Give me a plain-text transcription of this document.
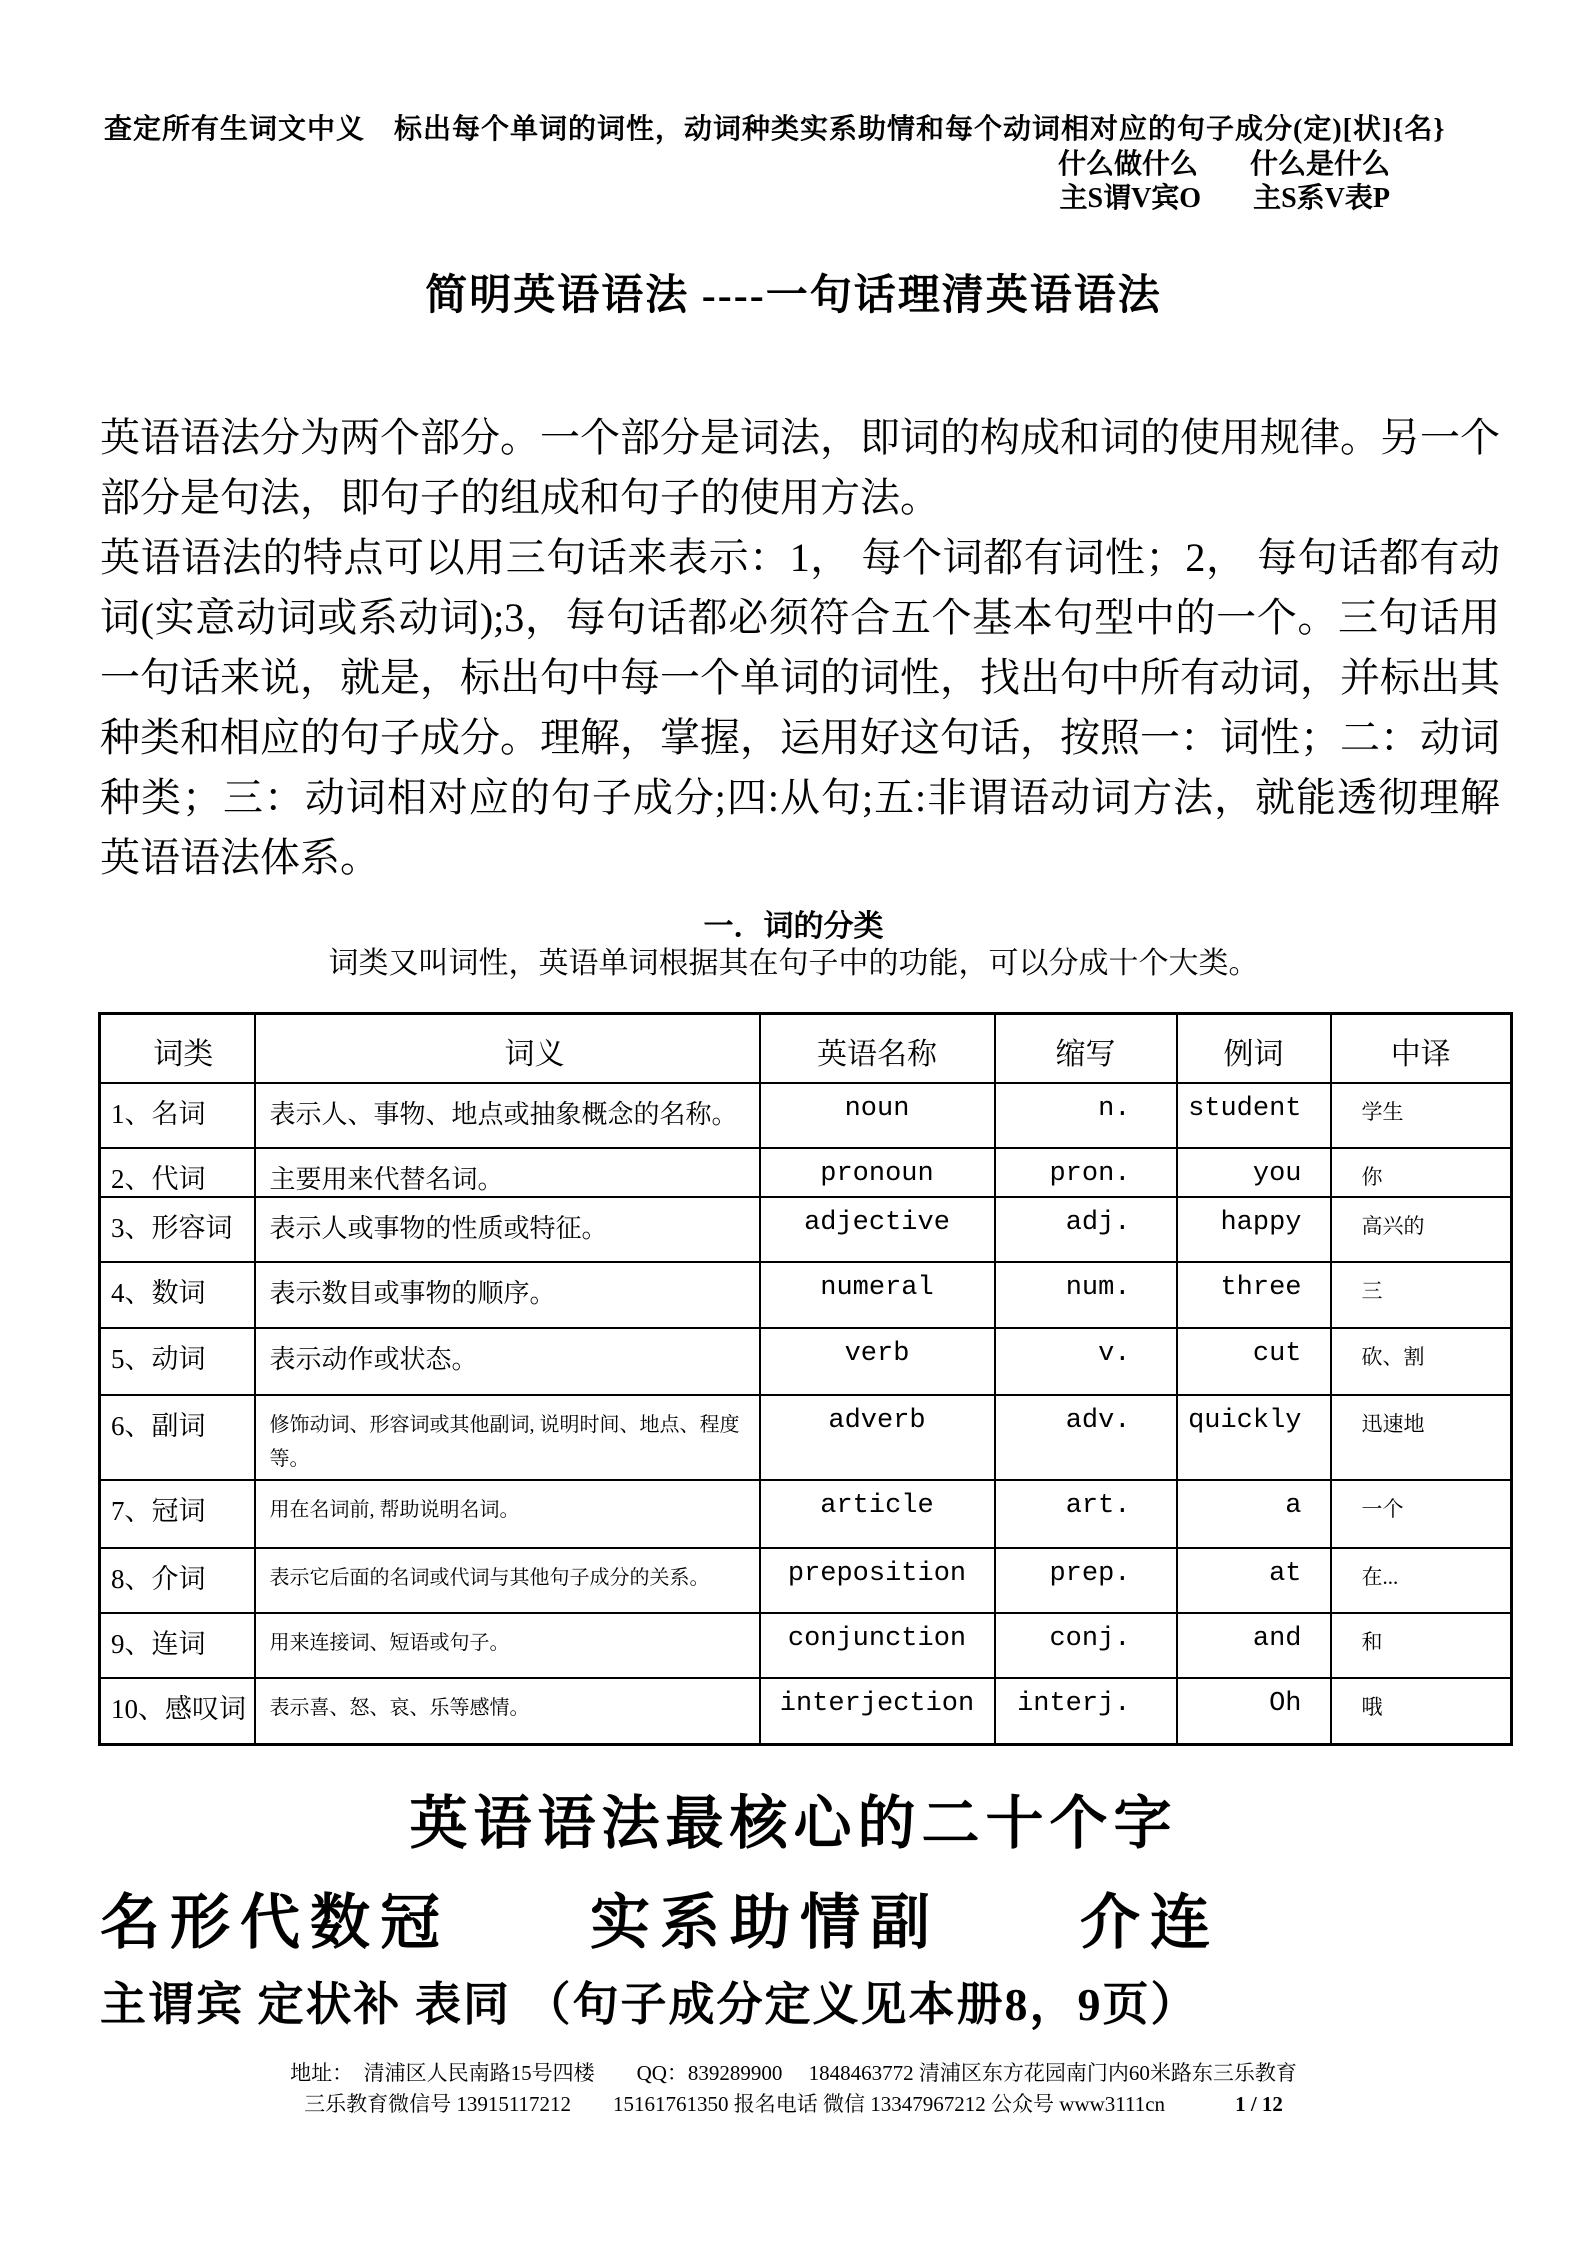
查定所有生词文中义　标出每个单词的词性，动词种类实系助情和每个动词相对应的句子成分(定)[状]{名}
什么做什么 什么是什么
主S谓V宾O 主S系V表P
简明英语语法 ----一句话理清英语语法

英语语法分为两个部分。一个部分是词法，即词的构成和词的使用规律。另一个部分是句法，即句子的组成和句子的使用方法。

英语语法的特点可以用三句话来表示：1， 每个词都有词性；2， 每句话都有动词(实意动词或系动词);3，每句话都必须符合五个基本句型中的一个。三句话用一句话来说，就是，标出句中每一个单词的词性，找出句中所有动词，并标出其种类和相应的句子成分。理解，掌握，运用好这句话，按照一：词性；二：动词种类；三：动词相对应的句子成分;四:从句;五:非谓语动词方法，就能透彻理解英语语法体系。

一．词的分类
词类又叫词性，英语单词根据其在句子中的功能，可以分成十个大类。
词类	词义	英语名称	缩写	例词	中译
1、名词	表示人、事物、地点或抽象概念的名称。	noun	n.	student	学生
2、代词	主要用来代替名词。	pronoun	pron.	you	你
3、形容词	表示人或事物的性质或特征。	adjective	adj.	happy	高兴的
4、数词	表示数目或事物的顺序。	numeral	num.	three	三
5、动词	表示动作或状态。	verb	v.	cut	砍、割
6、副词	修饰动词、形容词或其他副词, 说明时间、地点、程度等。	adverb	adv.	quickly	迅速地
7、冠词	用在名词前, 帮助说明名词。	article	art.	a	一个
8、介词	表示它后面的名词或代词与其他句子成分的关系。	preposition	prep.	at	在...
9、连词	用来连接词、短语或句子。	conjunction	conj.	and	和
10、感叹词	表示喜、怒、哀、乐等感情。	interjection	interj.	Oh	哦
英语语法最核心的二十个字
名形代数冠　　实系助情副　　介连
主谓宾 定状补 表同 （句子成分定义见本册8，9页）
地址：　清浦区人民南路15号四楼　　QQ：839289900　 1848463772 清浦区东方花园南门内60米路东三乐教育
三乐教育微信号 13915117212　　15161761350 报名电话 微信 13347967212 公众号 www3111cn	1 / 12
